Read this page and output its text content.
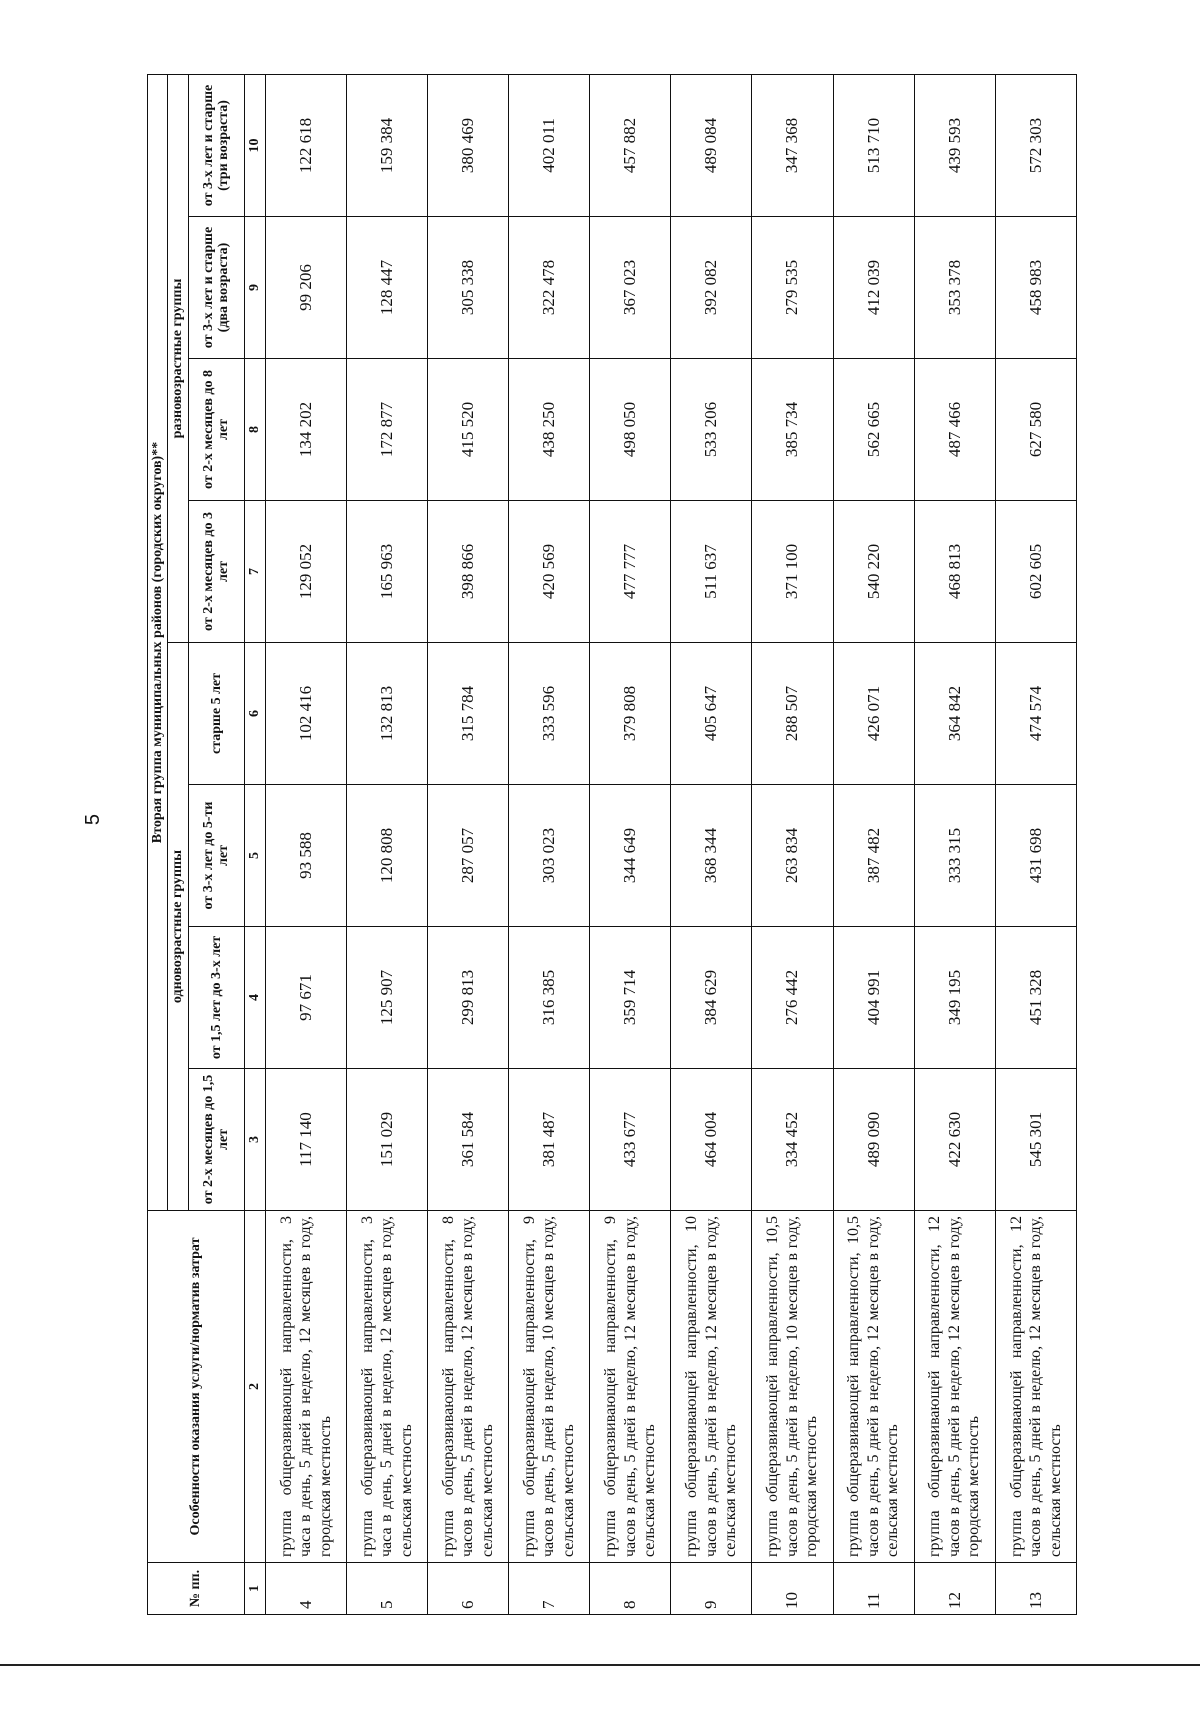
5
№ пп.	Особенности оказания услуги/норматив затрат	Вторая группа муниципальных районов (городских округов)**							
		одновозрастные группы				разновозрастные группы			
		от 2-х месяцев до 1,5 лет	от 1,5 лет до 3-х лет	от 3-х лет до 5-ти лет	старше 5 лет	от 2-х месяцев до 3 лет	от 2-х месяцев до 8 лет	от 3-х лет и старше (два возраста)	от 3-х лет и старше (три возраста)
1	2	3	4	5	6	7	8	9	10
4	группа общеразвивающей направленности, 3 часа в день, 5 дней в неделю, 12 месяцев в году, городская местность	117 140	97 671	93 588	102 416	129 052	134 202	99 206	122 618
5	группа общеразвивающей направленности, 3 часа в день, 5 дней в неделю, 12 месяцев в году, сельская местность	151 029	125 907	120 808	132 813	165 963	172 877	128 447	159 384
6	группа общеразвивающей направленности, 8 часов в день, 5 дней в неделю, 12 месяцев в году, сельская местность	361 584	299 813	287 057	315 784	398 866	415 520	305 338	380 469
7	группа общеразвивающей направленности, 9 часов в день, 5 дней в неделю, 10 месяцев в году, сельская местность	381 487	316 385	303 023	333 596	420 569	438 250	322 478	402 011
8	группа общеразвивающей направленности, 9 часов в день, 5 дней в неделю, 12 месяцев в году, сельская местность	433 677	359 714	344 649	379 808	477 777	498 050	367 023	457 882
9	группа общеразвивающей направленности, 10 часов в день, 5 дней в неделю, 12 месяцев в году, сельская местность	464 004	384 629	368 344	405 647	511 637	533 206	392 082	489 084
10	группа общеразвивающей направленности, 10,5 часов в день, 5 дней в неделю, 10 месяцев в году, городская местность	334 452	276 442	263 834	288 507	371 100	385 734	279 535	347 368
11	группа общеразвивающей направленности, 10,5 часов в день, 5 дней в неделю, 12 месяцев в году, сельская местность	489 090	404 991	387 482	426 071	540 220	562 665	412 039	513 710
12	группа общеразвивающей направленности, 12 часов в день, 5 дней в неделю, 12 месяцев в году, городская местность	422 630	349 195	333 315	364 842	468 813	487 466	353 378	439 593
13	группа общеразвивающей направленности, 12 часов в день, 5 дней в неделю, 12 месяцев в году, сельская местность	545 301	451 328	431 698	474 574	602 605	627 580	458 983	572 303
